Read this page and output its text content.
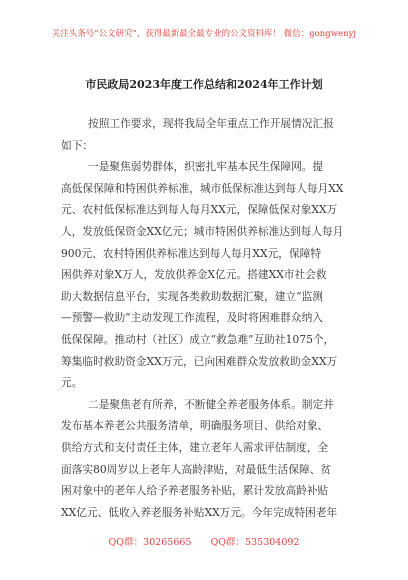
关注头条号“公文研究”，获得最新最全最专业的公文资料库！ 微信：gongwenyj
市民政局2023年度工作总结和2024年工作计划
按照工作要求，现将我局全年重点工作开展情况汇报
如下：
一是聚焦弱势群体，织密扎牢基本民生保障网。提
高低保保障和特困供养标准，城市低保标准达到每人每月XX
元、农村低保标准达到每人每月XX元，保障低保对象XX万
人，发放低保资金XX亿元；城市特困供养标准达到每人每月
900元、农村特困供养标准达到每人每月XX元，保障特
困供养对象X万人，发放供养金X亿元。搭建XX市社会救
助大数据信息平台，实现各类救助数据汇聚，建立“监测
—预警—救助”主动发现工作流程，及时将困难群众纳入
低保保障。推动村（社区）成立“救急难”互助社1075个，
筹集临时救助资金XX万元，已向困难群众发放救助金XX万
元。
二是聚焦老有所养，不断健全养老服务体系。制定并
发布基本养老公共服务清单，明确服务项目、供给对象、
供给方式和支付责任主体，建立老年人需求评估制度，全
面落实80周岁以上老年人高龄津贴，对最低生活保障、贫
困对象中的老年人给予养老服务补贴，累计发放高龄补贴
XX亿元、低收入养老服务补贴XX万元。今年完成特困老年
QQ群：30265665 QQ群：535304092
